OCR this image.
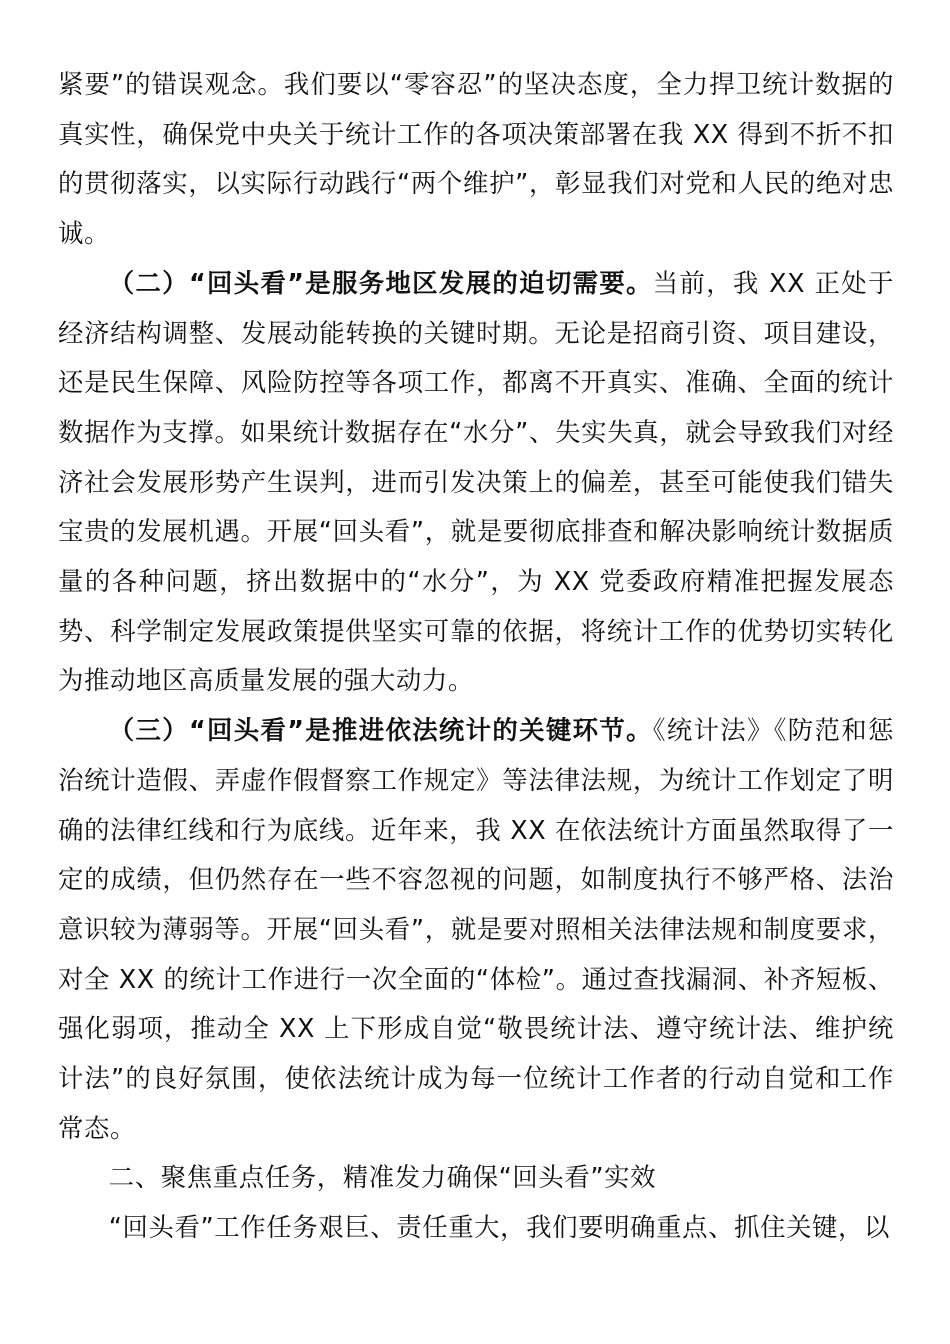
紧要”的错误观念。我们要以“零容忍”的坚决态度，全力捍卫统计数据的真实性，确保党中央关于统计工作的各项决策部署在我 XX 得到不折不扣的贯彻落实，以实际行动践行“两个维护”，彰显我们对党和人民的绝对忠诚。

（二）“回头看”是服务地区发展的迫切需要。当前，我 XX 正处于经济结构调整、发展动能转换的关键时期。无论是招商引资、项目建设，还是民生保障、风险防控等各项工作，都离不开真实、准确、全面的统计数据作为支撑。如果统计数据存在“水分”、失实失真，就会导致我们对经济社会发展形势产生误判，进而引发决策上的偏差，甚至可能使我们错失宝贵的发展机遇。开展“回头看”，就是要彻底排查和解决影响统计数据质量的各种问题，挤出数据中的“水分”，为 XX 党委政府精准把握发展态势、科学制定发展政策提供坚实可靠的依据，将统计工作的优势切实转化为推动地区高质量发展的强大动力。

（三）“回头看”是推进依法统计的关键环节。《统计法》《防范和惩治统计造假、弄虚作假督察工作规定》等法律法规，为统计工作划定了明确的法律红线和行为底线。近年来，我 XX 在依法统计方面虽然取得了一定的成绩，但仍然存在一些不容忽视的问题，如制度执行不够严格、法治意识较为薄弱等。开展“回头看”，就是要对照相关法律法规和制度要求，对全 XX 的统计工作进行一次全面的“体检”。通过查找漏洞、补齐短板、强化弱项，推动全 XX 上下形成自觉“敬畏统计法、遵守统计法、维护统计法”的良好氛围，使依法统计成为每一位统计工作者的行动自觉和工作常态。

二、聚焦重点任务，精准发力确保“回头看”实效

“回头看”工作任务艰巨、责任重大，我们要明确重点、抓住关键，以
